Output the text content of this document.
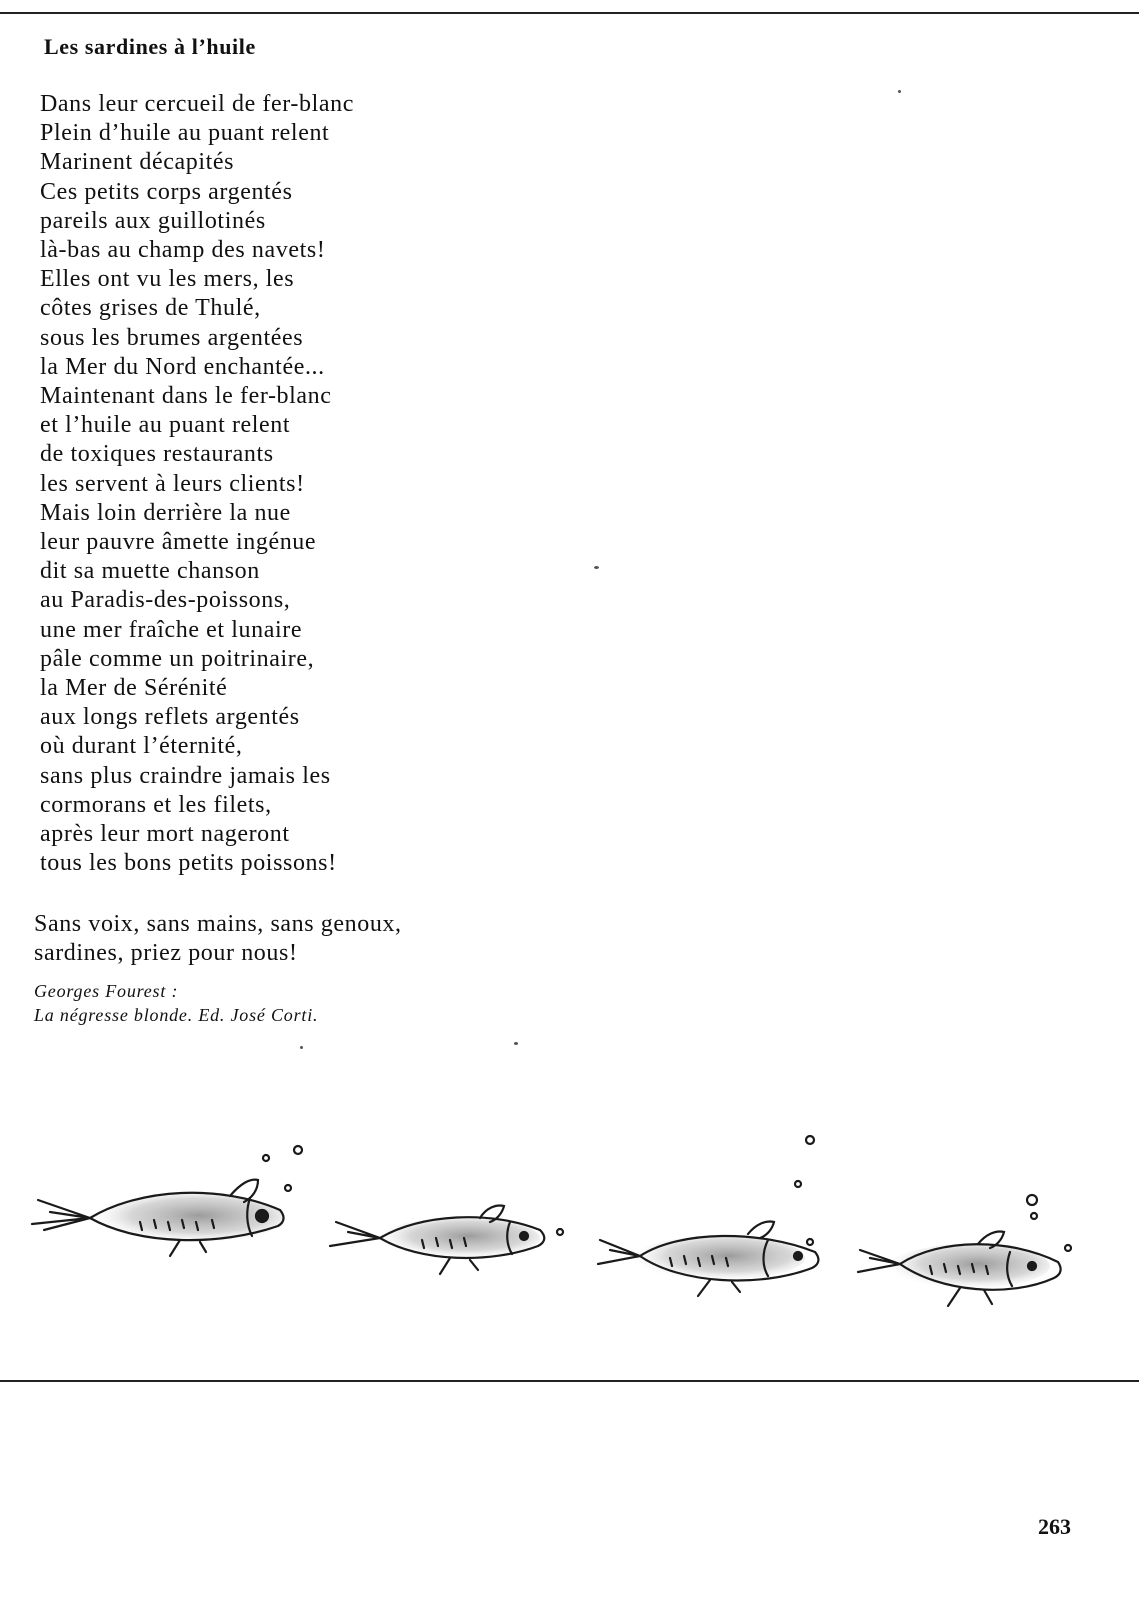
Les sardines à l’huile
Dans leur cercueil de fer-blanc
Plein d’huile au puant relent
Marinent décapités
Ces petits corps argentés
pareils aux guillotinés
là-bas au champ des navets!
Elles ont vu les mers, les
côtes grises de Thulé,
sous les brumes argentées
la Mer du Nord enchantée...
Maintenant dans le fer-blanc
et l’huile au puant relent
de toxiques restaurants
les servent à leurs clients!
Mais loin derrière la nue
leur pauvre âmette ingénue
dit sa muette chanson
au Paradis-des-poissons,
une mer fraîche et lunaire
pâle comme un poitrinaire,
la Mer de Sérénité
aux longs reflets argentés
où durant l’éternité,
sans plus craindre jamais les
cormorans et les filets,
après leur mort nageront
tous les bons petits poissons!
Sans voix, sans mains, sans genoux,
sardines, priez pour nous!
Georges Fourest :
La négresse blonde. Ed. José Corti.
263
